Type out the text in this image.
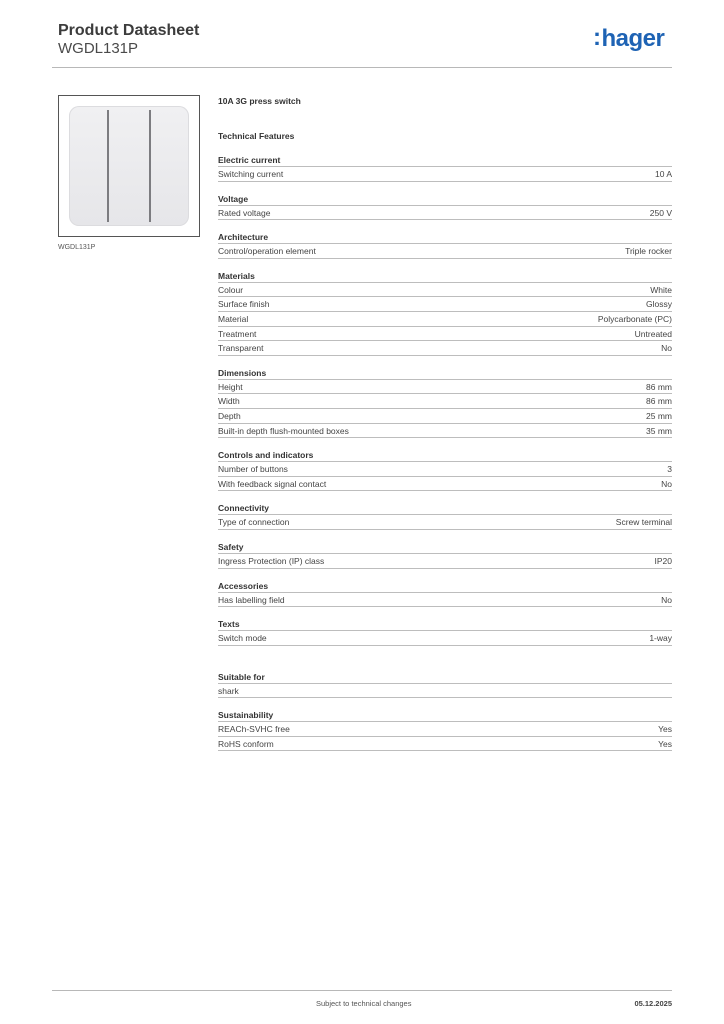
Product Datasheet
WGDL131P	:hager
WGDL131P
10A 3G press switch
Technical Features
Electric current
Switching current	10 A
Voltage
Rated voltage	250 V
Architecture
Control/operation element	Triple rocker
Materials
Colour	White
Surface finish	Glossy
Material	Polycarbonate (PC)
Treatment	Untreated
Transparent	No
Dimensions
Height	86 mm
Width	86 mm
Depth	25 mm
Built-in depth flush-mounted boxes	35 mm
Controls and indicators
Number of buttons	3
With feedback signal contact	No
Connectivity
Type of connection	Screw terminal
Safety
Ingress Protection (IP) class	IP20
Accessories
Has labelling field	No
Texts
Switch mode	1-way
Suitable for
shark
Sustainability
REACh-SVHC free	Yes
RoHS conform	Yes
Subject to technical changes	05.12.2025
